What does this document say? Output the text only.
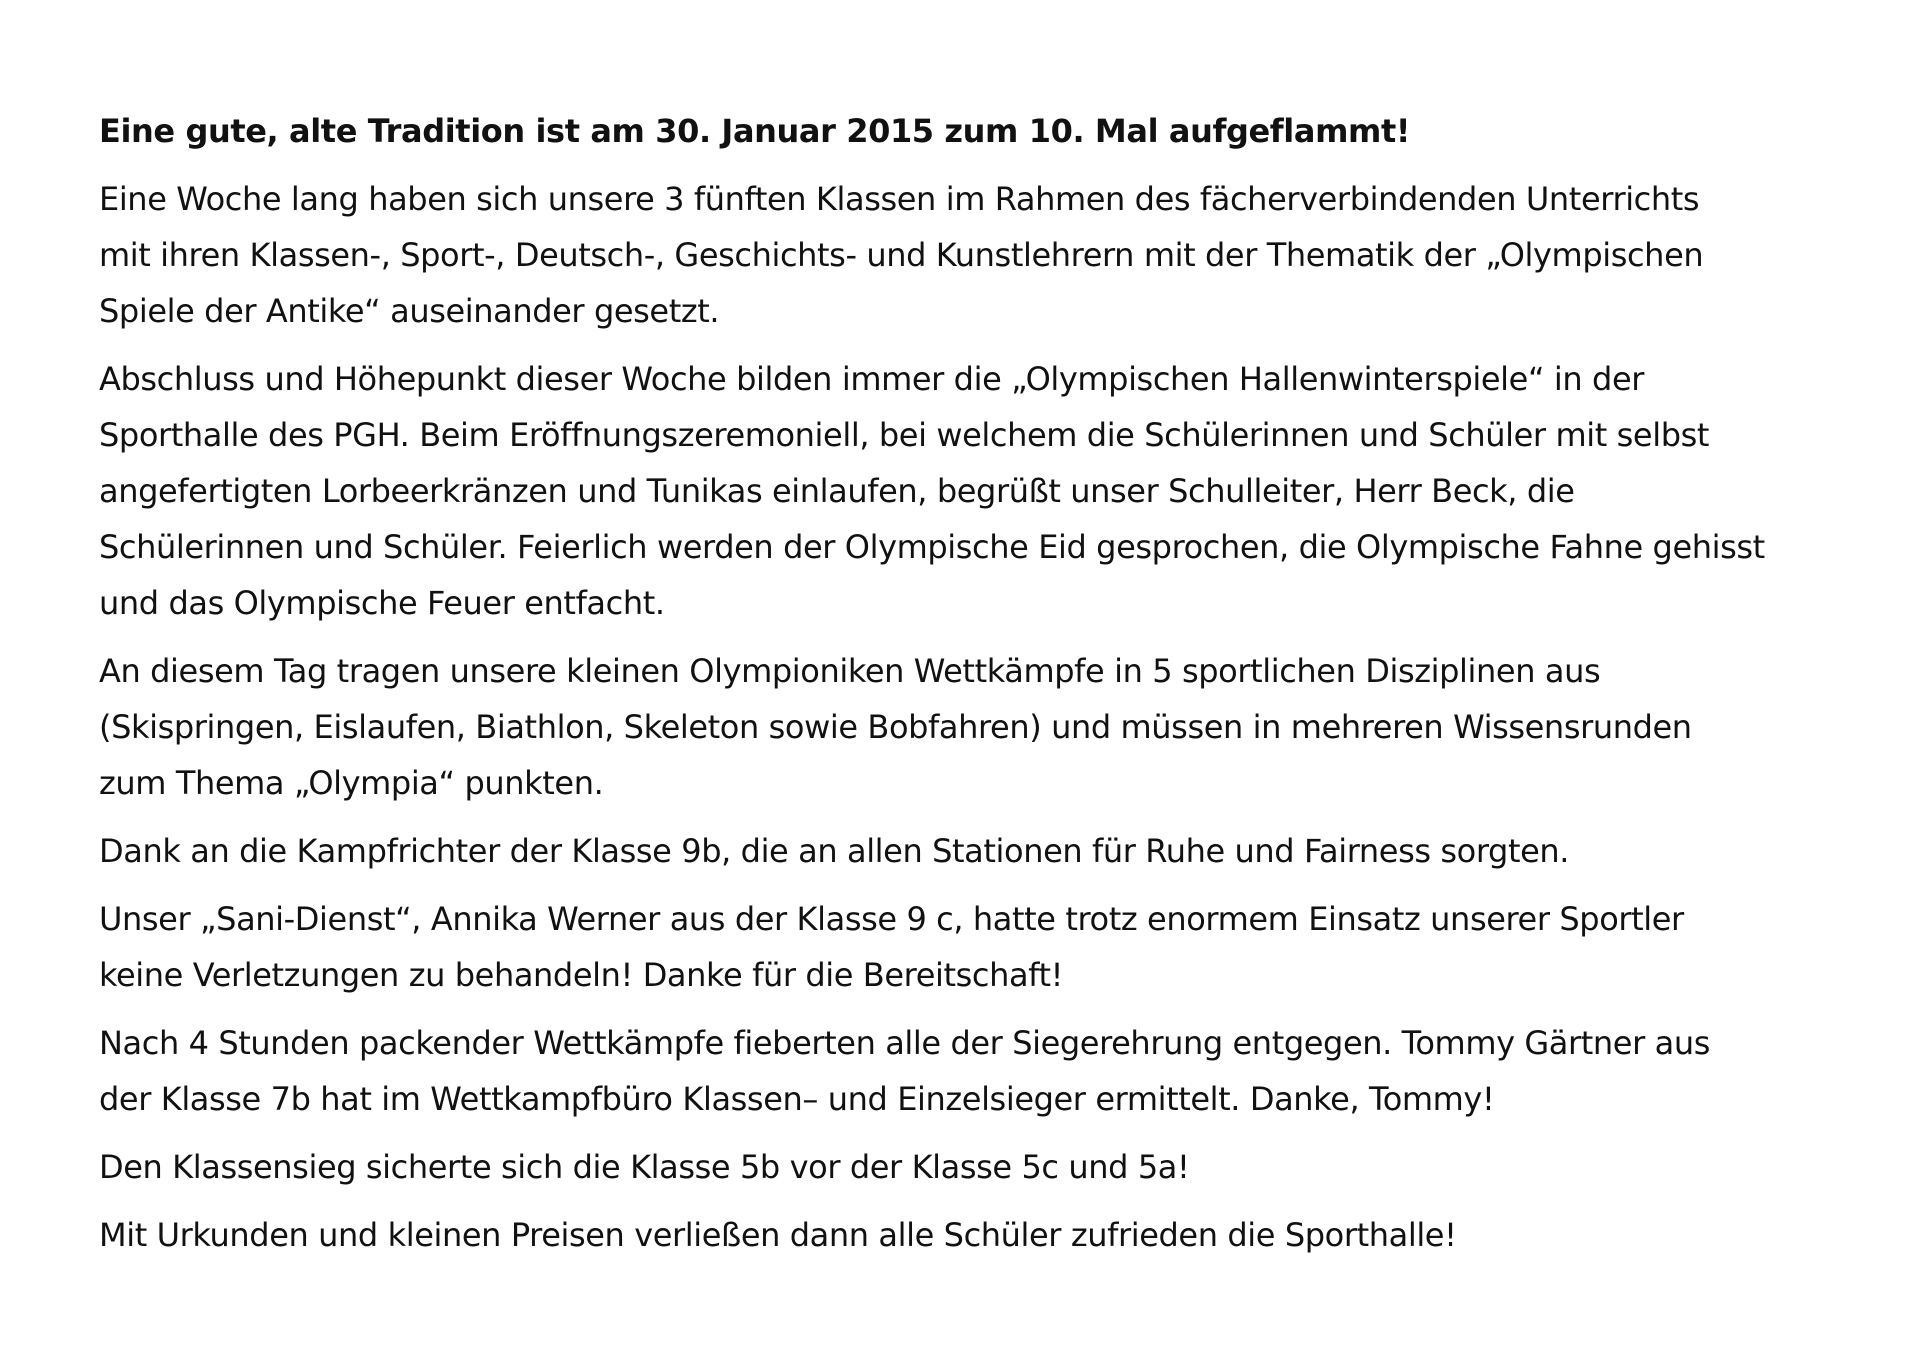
Eine gute, alte Tradition ist am 30. Januar 2015 zum 10. Mal aufgeflammt!
Eine Woche lang haben sich unsere 3 fünften Klassen im Rahmen des fächerverbindenden Unterrichts
mit ihren Klassen-, Sport-, Deutsch-, Geschichts- und Kunstlehrern mit der Thematik der „Olympischen
Spiele der Antike“ auseinander gesetzt.
Abschluss und Höhepunkt dieser Woche bilden immer die „Olympischen Hallenwinterspiele“ in der
Sporthalle des PGH. Beim Eröffnungszeremoniell, bei welchem die Schülerinnen und Schüler mit selbst
angefertigten Lorbeerkränzen und Tunikas einlaufen, begrüßt unser Schulleiter, Herr Beck, die
Schülerinnen und Schüler. Feierlich werden der Olympische Eid gesprochen, die Olympische Fahne gehisst
und das Olympische Feuer entfacht.
An diesem Tag tragen unsere kleinen Olympioniken Wettkämpfe in 5 sportlichen Disziplinen aus
(Skispringen, Eislaufen, Biathlon, Skeleton sowie Bobfahren) und müssen in mehreren Wissensrunden
zum Thema „Olympia“ punkten.
Dank an die Kampfrichter der Klasse 9b, die an allen Stationen für Ruhe und Fairness sorgten.
Unser „Sani-Dienst“, Annika Werner aus der Klasse 9 c, hatte trotz enormem Einsatz unserer Sportler
keine Verletzungen zu behandeln! Danke für die Bereitschaft!
Nach 4 Stunden packender Wettkämpfe fieberten alle der Siegerehrung entgegen. Tommy Gärtner aus
der Klasse 7b hat im Wettkampfbüro Klassen– und Einzelsieger ermittelt. Danke, Tommy!
Den Klassensieg sicherte sich die Klasse 5b vor der Klasse 5c und 5a!
Mit Urkunden und kleinen Preisen verließen dann alle Schüler zufrieden die Sporthalle!
